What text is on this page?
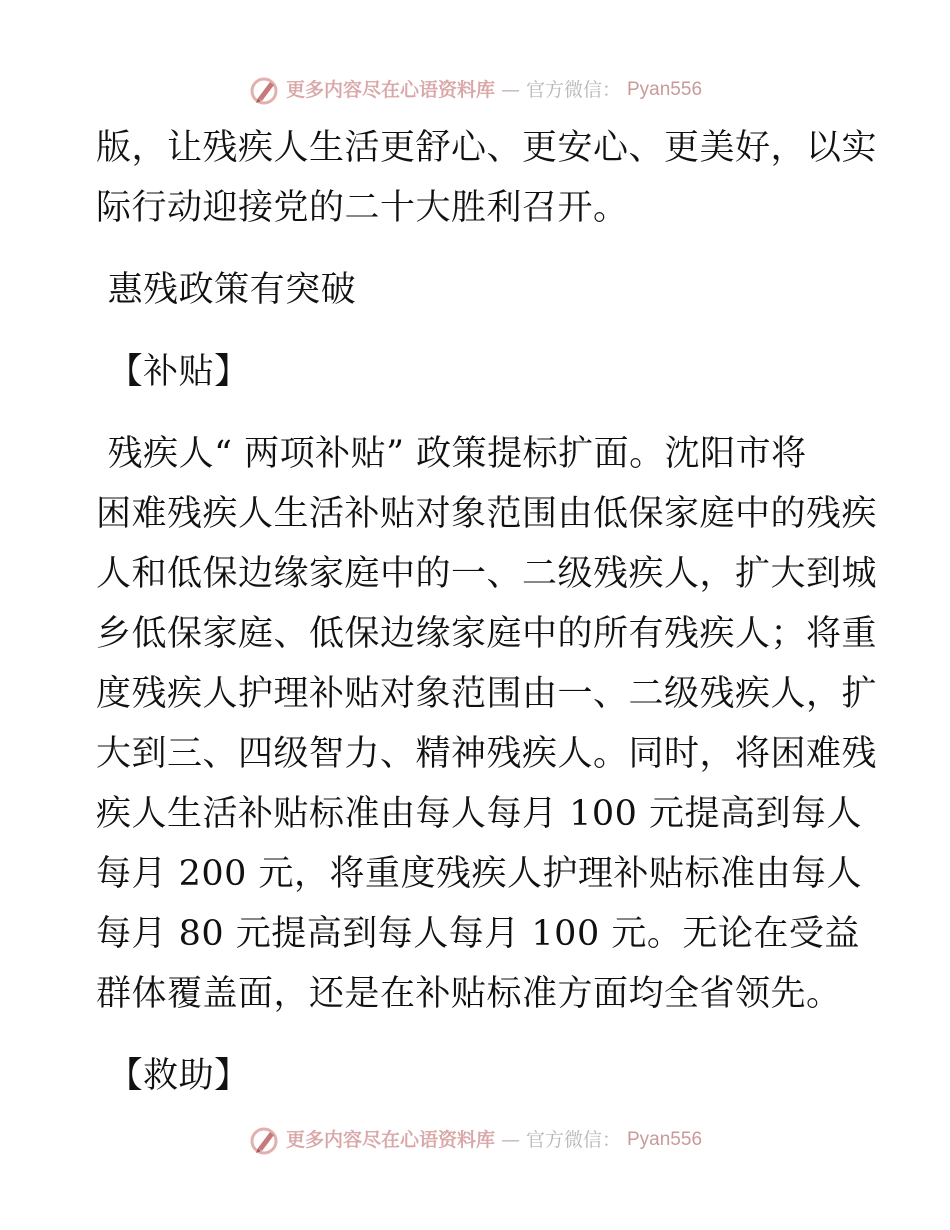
更多内容尽在心语资料库 — 官方微信： Pyan556
版，让残疾人生活更舒心、更安心、更美好，以实
际行动迎接党的二十大胜利召开。
惠残政策有突破
【补贴】
残疾人“ 两项补贴” 政策提标扩面。沈阳市将
困难残疾人生活补贴对象范围由低保家庭中的残疾
人和低保边缘家庭中的一、二级残疾人，扩大到城
乡低保家庭、低保边缘家庭中的所有残疾人；将重
度残疾人护理补贴对象范围由一、二级残疾人，扩
大到三、四级智力、精神残疾人。同时，将困难残
疾人生活补贴标准由每人每月 100 元提高到每人
每月 200 元，将重度残疾人护理补贴标准由每人
每月 80 元提高到每人每月 100 元。无论在受益
群体覆盖面，还是在补贴标准方面均全省领先。
【救助】
更多内容尽在心语资料库 — 官方微信： Pyan556
